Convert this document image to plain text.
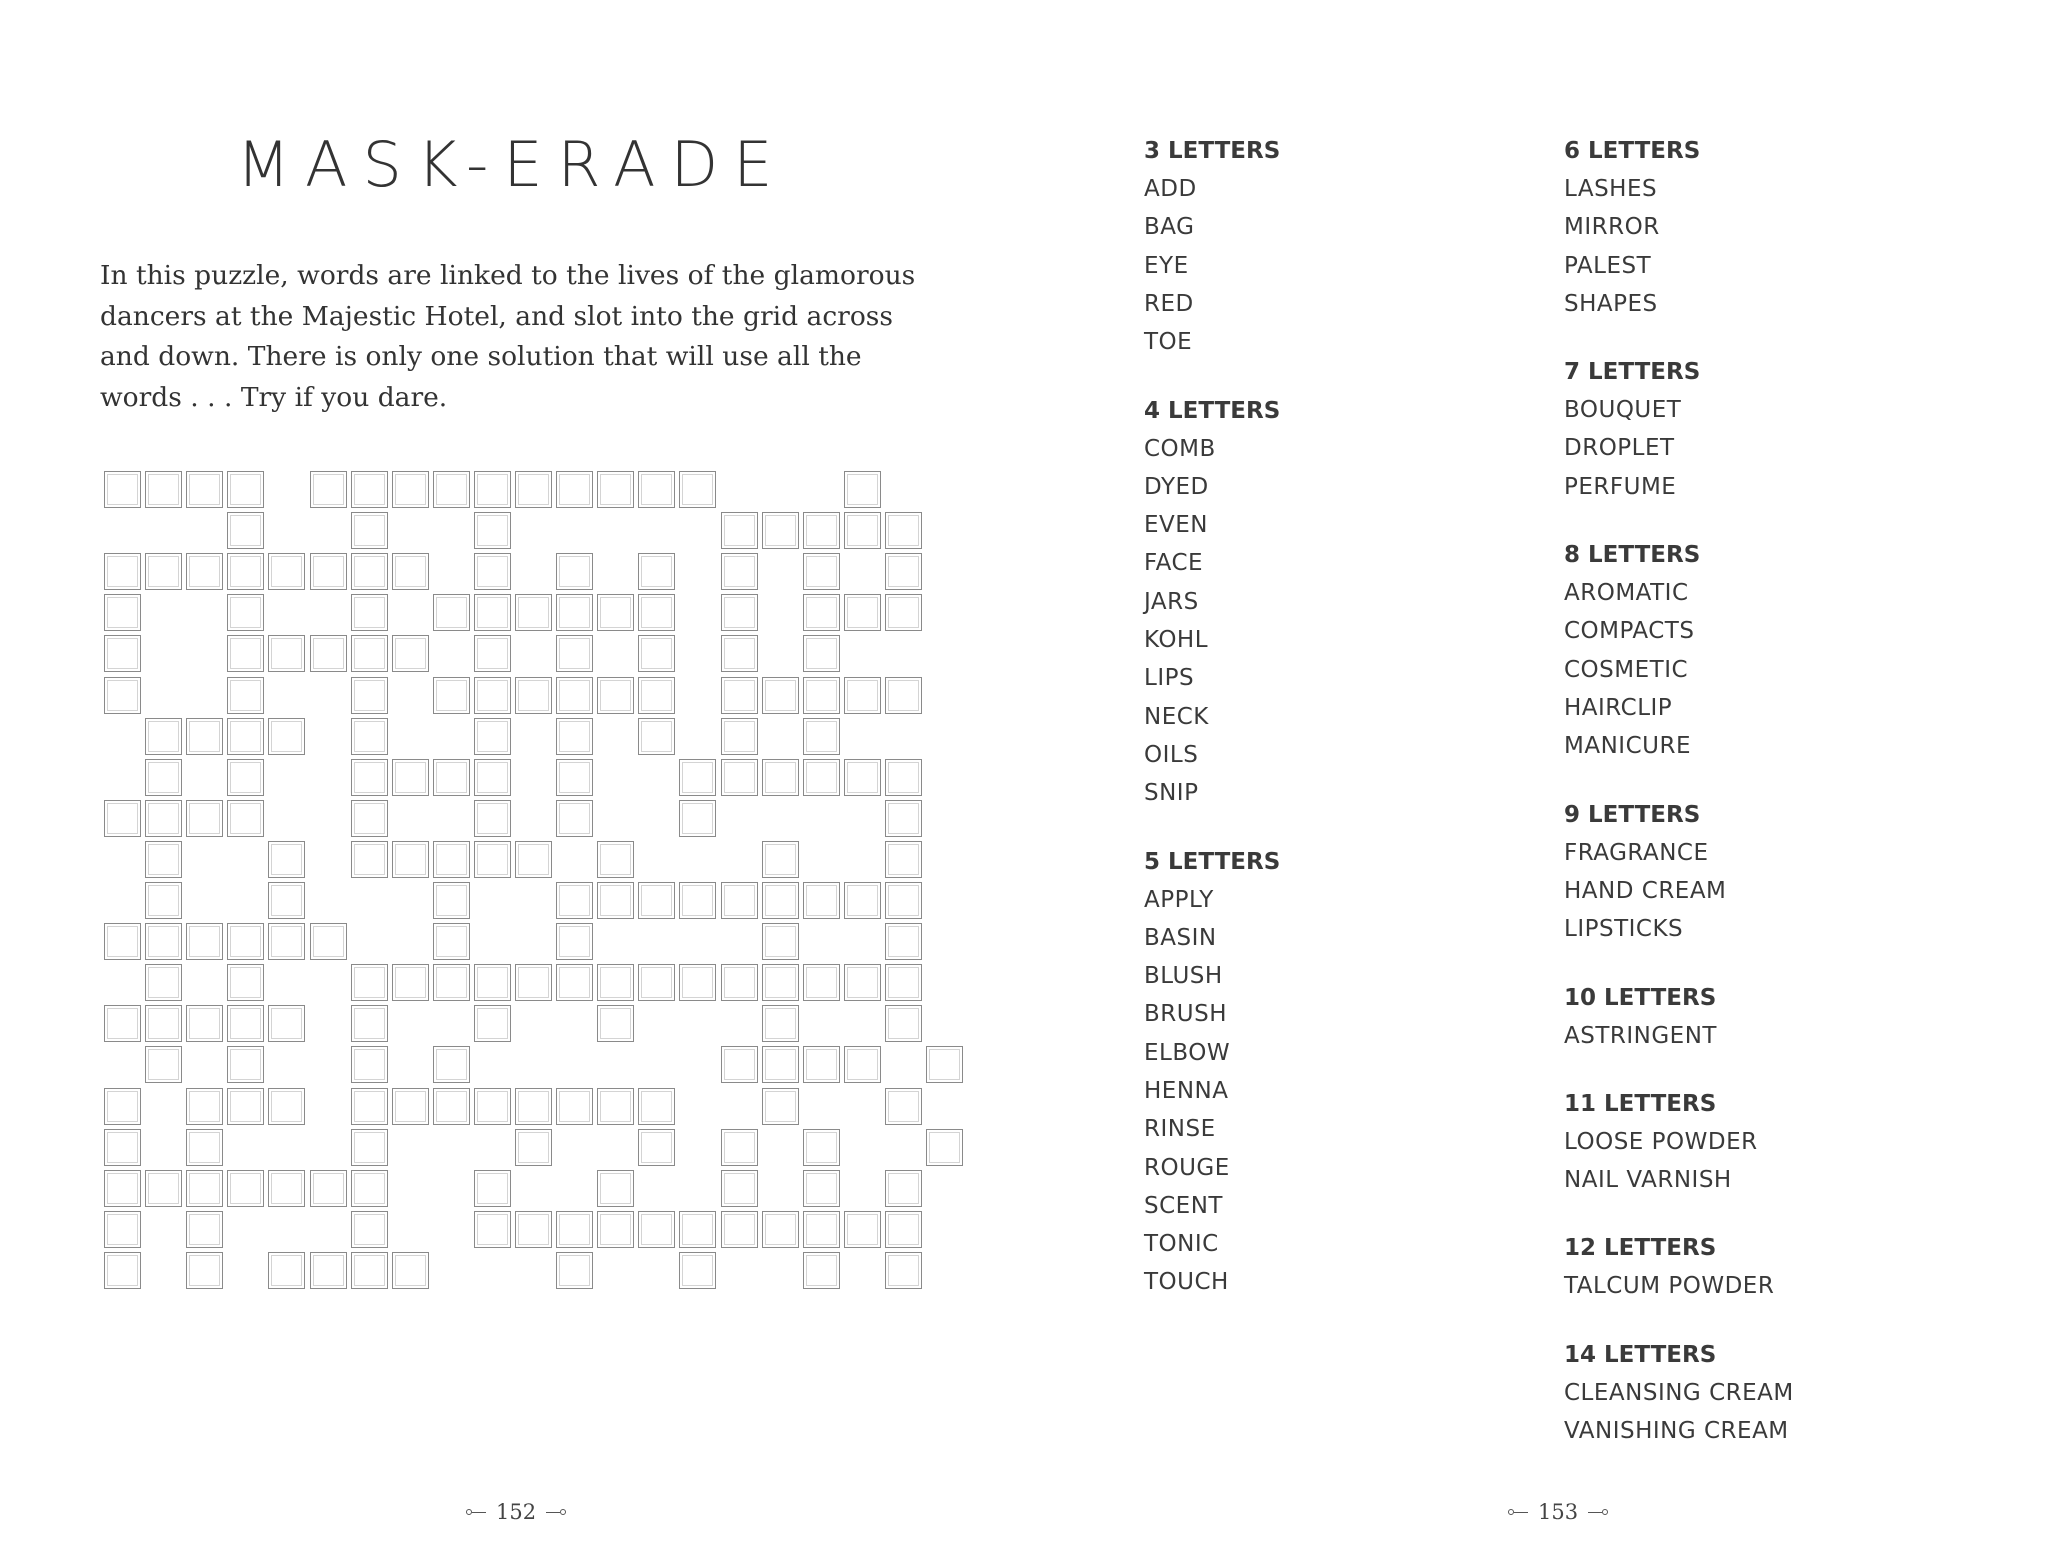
MASK-ERADE

In this puzzle, words are linked to the lives of the glamorous dancers at the Majestic Hotel, and slot into the grid across and down. There is only one solution that will use all the words . . . Try if you dare.

152
3 LETTERS
ADD
BAG
EYE
RED
TOE
4 LETTERS
COMB
DYED
EVEN
FACE
JARS
KOHL
LIPS
NECK
OILS
SNIP
5 LETTERS
APPLY
BASIN
BLUSH
BRUSH
ELBOW
HENNA
RINSE
ROUGE
SCENT
TONIC
TOUCH
6 LETTERS
LASHES
MIRROR
PALEST
SHAPES
7 LETTERS
BOUQUET
DROPLET
PERFUME
8 LETTERS
AROMATIC
COMPACTS
COSMETIC
HAIRCLIP
MANICURE
9 LETTERS
FRAGRANCE
HAND CREAM
LIPSTICKS
10 LETTERS
ASTRINGENT
11 LETTERS
LOOSE POWDER
NAIL VARNISH
12 LETTERS
TALCUM POWDER
14 LETTERS
CLEANSING CREAM
VANISHING CREAM
153
